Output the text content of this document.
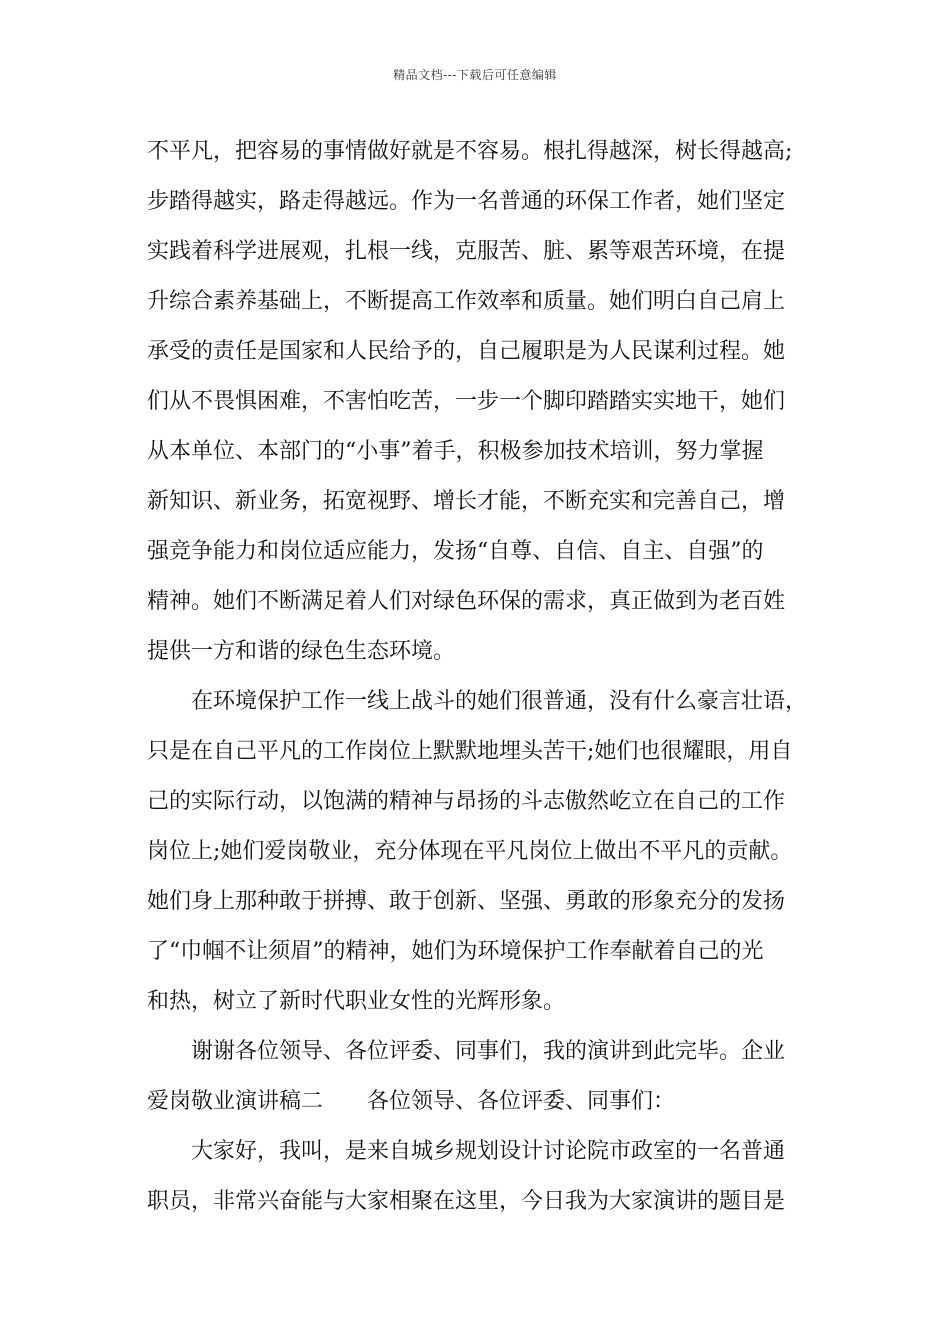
精品文档---下载后可任意编辑
不平凡，把容易的事情做好就是不容易。根扎得越深，树长得越高;
步踏得越实，路走得越远。作为一名普通的环保工作者，她们坚定
实践着科学进展观，扎根一线，克服苦、脏、累等艰苦环境，在提
升综合素养基础上，不断提高工作效率和质量。她们明白自己肩上
承受的责任是国家和人民给予的，自己履职是为人民谋利过程。她
们从不畏惧困难，不害怕吃苦，一步一个脚印踏踏实实地干，她们
从本单位、本部门的“小事”着手，积极参加技术培训，努力掌握
新知识、新业务，拓宽视野、增长才能，不断充实和完善自己，增
强竞争能力和岗位适应能力，发扬“自尊、自信、自主、自强”的
精神。她们不断满足着人们对绿色环保的需求，真正做到为老百姓
提供一方和谐的绿色生态环境。
在环境保护工作一线上战斗的她们很普通，没有什么豪言壮语，
只是在自己平凡的工作岗位上默默地埋头苦干;她们也很耀眼，用自
己的实际行动，以饱满的精神与昂扬的斗志傲然屹立在自己的工作
岗位上;她们爱岗敬业，充分体现在平凡岗位上做出不平凡的贡献。
她们身上那种敢于拼搏、敢于创新、坚强、勇敢的形象充分的发扬
了“巾帼不让须眉”的精神，她们为环境保护工作奉献着自己的光
和热，树立了新时代职业女性的光辉形象。
谢谢各位领导、各位评委、同事们，我的演讲到此完毕。企业
爱岗敬业演讲稿二　　各位领导、各位评委、同事们：
大家好，我叫，是来自城乡规划设计讨论院市政室的一名普通
职员，非常兴奋能与大家相聚在这里，今日我为大家演讲的题目是
